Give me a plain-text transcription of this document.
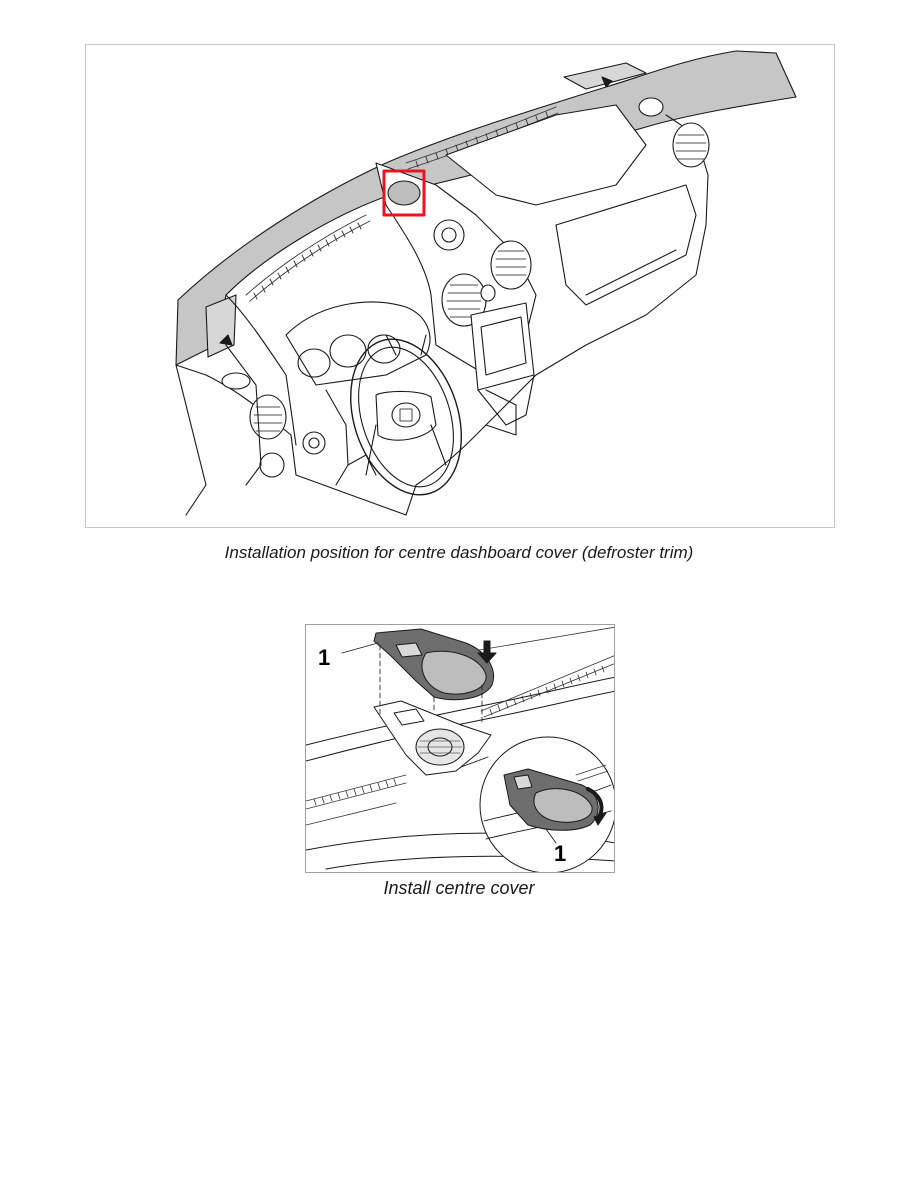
Installation position for centre dashboard cover (defroster trim)
1
1
Install centre cover
